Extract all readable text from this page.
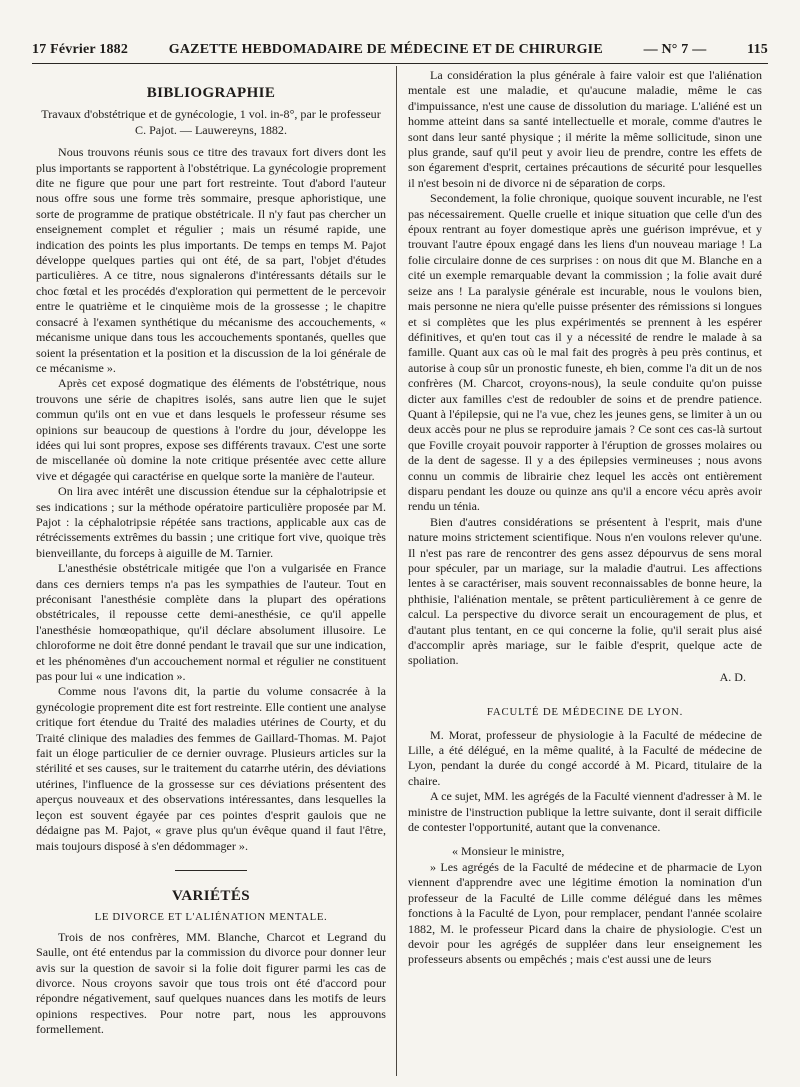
17 Février 1882	GAZETTE HEBDOMADAIRE DE MÉDECINE ET DE CHIRURGIE	— N° 7 —	115
BIBLIOGRAPHIE

Travaux d'obstétrique et de gynécologie, 1 vol. in-8°, par le professeur C. Pajot. — Lauwereyns, 1882.

Nous trouvons réunis sous ce titre des travaux fort divers dont les plus importants se rapportent à l'obstétrique. La gynécologie proprement dite ne figure que pour une part fort restreinte. Tout d'abord l'auteur nous offre sous une forme très sommaire, presque aphoristique, une sorte de programme de pratique obstétricale. Il n'y faut pas chercher un enseignement complet et régulier ; mais un résumé rapide, une indication des points les plus importants. De temps en temps M. Pajot développe quelques parties qui ont été, de sa part, l'objet d'études particulières. A ce titre, nous signalerons d'intéressants détails sur le choc fœtal et les procédés d'exploration qui permettent de le percevoir entre le quatrième et le cinquième mois de la grossesse ; le chapitre consacré à l'examen synthétique du mécanisme des accouchements, « mécanisme unique dans tous les accouchements spontanés, quelles que soient la présentation et la position et la discussion de la loi générale de ce mécanisme ».

Après cet exposé dogmatique des éléments de l'obstétrique, nous trouvons une série de chapitres isolés, sans autre lien que le sujet commun qu'ils ont en vue et dans lesquels le professeur résume ses opinions sur beaucoup de questions à l'ordre du jour, développe les idées qui lui sont propres, expose ses différents travaux. C'est une sorte de miscellanée où domine la note critique présentée avec cette allure vive et dégagée qui caractérise en quelque sorte la manière de l'auteur.

On lira avec intérêt une discussion étendue sur la céphalotripsie et ses indications ; sur la méthode opératoire particulière proposée par M. Pajot : la céphalotripsie répétée sans tractions, applicable aux cas de rétrécissements extrêmes du bassin ; une critique fort vive, quoique très bienveillante, du forceps à aiguille de M. Tarnier.

L'anesthésie obstétricale mitigée que l'on a vulgarisée en France dans ces derniers temps n'a pas les sympathies de l'auteur. Tout en préconisant l'anesthésie complète dans la plupart des opérations obstétricales, il repousse cette demi-anesthésie, ce qu'il appelle l'anesthésie homœopathique, qu'il déclare absolument illusoire. Le chloroforme ne doit être donné pendant le travail que sur une indication, et les phénomènes d'un accouchement normal et régulier ne constituent pas pour lui « une indication ».

Comme nous l'avons dit, la partie du volume consacrée à la gynécologie proprement dite est fort restreinte. Elle contient une analyse critique fort étendue du Traité des maladies utérines de Courty, et du Traité clinique des maladies des femmes de Gaillard-Thomas. M. Pajot fait un éloge particulier de ce dernier ouvrage. Plusieurs articles sur la stérilité et ses causes, sur le traitement du catarrhe utérin, des déviations utérines, l'influence de la grossesse sur ces déviations présentent des aperçus nouveaux et des observations intéressantes, dans lesquelles la leçon est souvent égayée par ces pointes d'esprit gaulois que ne dédaigne pas M. Pajot, « grave plus qu'un évêque quand il faut l'être, mais toujours disposé à s'en dédommager ».

VARIÉTÉS

LE DIVORCE ET L'ALIÉNATION MENTALE.

Trois de nos confrères, MM. Blanche, Charcot et Legrand du Saulle, ont été entendus par la commission du divorce pour donner leur avis sur la question de savoir si la folie doit figurer parmi les cas de divorce. Nous croyons savoir que tous trois ont été d'accord pour répondre négativement, sauf quelques nuances dans les motifs de leurs opinions respectives. Pour notre part, nous les approuvons formellement.

La considération la plus générale à faire valoir est que l'aliénation mentale est une maladie, et qu'aucune maladie, même le cas d'impuissance, n'est une cause de dissolution du mariage. L'aliéné est un homme atteint dans sa santé intellectuelle et morale, comme d'autres le sont dans leur santé physique ; il mérite la même sollicitude, sinon une plus grande, sauf qu'il peut y avoir lieu de prendre, contre les effets de son égarement d'esprit, certaines précautions de sécurité pour lesquelles il n'est besoin ni de divorce ni de séparation de corps.

Secondement, la folie chronique, quoique souvent incurable, ne l'est pas nécessairement. Quelle cruelle et inique situation que celle d'un des époux rentrant au foyer domestique après une guérison imprévue, et y trouvant l'autre époux engagé dans les liens d'un nouveau mariage ! La folie circulaire donne de ces surprises : on nous dit que M. Blanche en a cité un exemple remarquable devant la commission ; la folie avait duré seize ans ! La paralysie générale est incurable, nous le voulons bien, mais personne ne niera qu'elle puisse présenter des rémissions si longues et si complètes que les plus expérimentés se prennent à les espérer définitives, et qu'en tout cas il y a nécessité de rendre le malade à sa famille. Quant aux cas où le mal fait des progrès à peu près continus, et autorise à coup sûr un pronostic funeste, eh bien, comme l'a dit un de nos confrères (M. Charcot, croyons-nous), la seule conduite qu'on puisse dicter aux familles c'est de redoubler de soins et de prendre patience. Quant à l'épilepsie, qui ne l'a vue, chez les jeunes gens, se limiter à un ou deux accès pour ne plus se reproduire jamais ? Ce sont ces cas-là surtout que Foville croyait pouvoir rapporter à l'éruption de grosses molaires ou de la dent de sagesse. Il y a des épilepsies vermineuses ; nous avons connu un commis de librairie chez lequel les accès ont entièrement disparu pendant les douze ou quinze ans qu'il a encore vécu après avoir rendu un ténia.

Bien d'autres considérations se présentent à l'esprit, mais d'une nature moins strictement scientifique. Nous n'en voulons relever qu'une. Il n'est pas rare de rencontrer des gens assez dépourvus de sens moral pour spéculer, par un mariage, sur la maladie d'autrui. Les affections lentes à se caractériser, mais souvent reconnaissables de bonne heure, la phthisie, l'aliénation mentale, se prêtent particulièrement à ce genre de calcul. La perspective du divorce serait un encouragement de plus, et d'autant plus tentant, en ce qui concerne la folie, qu'il serait plus aisé d'accomplir après mariage, sur le faible d'esprit, quelque acte de spoliation.

A. D.

FACULTÉ DE MÉDECINE DE LYON.

M. Morat, professeur de physiologie à la Faculté de médecine de Lille, a été délégué, en la même qualité, à la Faculté de médecine de Lyon, pendant la durée du congé accordé à M. Picard, titulaire de la chaire.

A ce sujet, MM. les agrégés de la Faculté viennent d'adresser à M. le ministre de l'instruction publique la lettre suivante, dont il serait difficile de contester l'opportunité, autant que la convenance.

« Monsieur le ministre,

» Les agrégés de la Faculté de médecine et de pharmacie de Lyon viennent d'apprendre avec une légitime émotion la nomination d'un professeur de la Faculté de Lille comme délégué dans les mêmes fonctions à la Faculté de Lyon, pour remplacer, pendant l'année scolaire 1882, M. le professeur Picard dans la chaire de physiologie. C'est un devoir pour les agrégés de suppléer dans leur enseignement les professeurs absents ou empêchés ; mais c'est aussi une de leurs
